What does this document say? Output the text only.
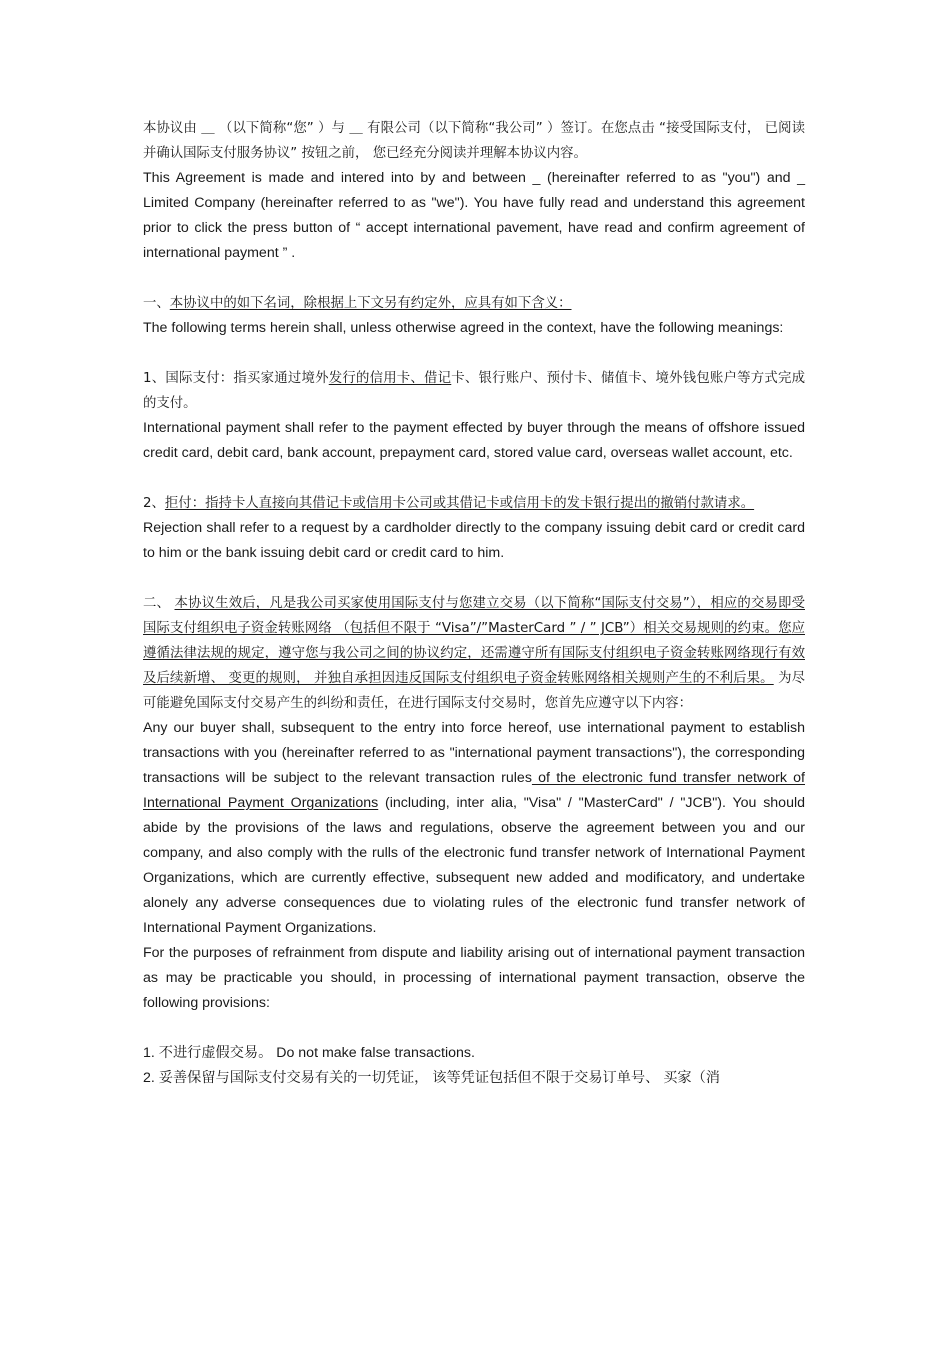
本协议由 ＿ （以下简称“您” ）与 ＿ 有限公司（以下简称“我公司” ）签订。在您点击 “接受国际支付， 已阅读并确认国际支付服务协议” 按钮之前， 您已经充分阅读并理解本协议内容。

This Agreement is made and intered into by and between _ (hereinafter referred to as "you") and _ Limited Company (hereinafter referred to as "we"). You have fully read and understand this agreement prior to click the press button of “ accept international pavement, have read and confirm agreement of international payment ” .

一、本协议中的如下名词，除根据上下文另有约定外，应具有如下含义：

The following terms herein shall, unless otherwise agreed in the context, have the following meanings:

1、国际支付：指买家通过境外发行的信用卡、借记卡、银行账户、预付卡、储值卡、境外钱包账户等方式完成的支付。

International payment shall refer to the payment effected by buyer through the means of offshore issued credit card, debit card, bank account, prepayment card, stored value card, overseas wallet account, etc.

2、拒付：指持卡人直接向其借记卡或信用卡公司或其借记卡或信用卡的发卡银行提出的撤销付款请求。

Rejection shall refer to a request by a cardholder directly to the company issuing debit card or credit card to him or the bank issuing debit card or credit card to him.

二、 本协议生效后，凡是我公司买家使用国际支付与您建立交易（以下简称“国际支付交易”），相应的交易即受国际支付组织电子资金转账网络 （包括但不限于 “Visa”/”MasterCard ” / ” JCB”）相关交易规则的约束。您应遵循法律法规的规定，遵守您与我公司之间的协议约定，还需遵守所有国际支付组织电子资金转账网络现行有效及后续新增、 变更的规则， 并独自承担因违反国际支付组织电子资金转账网络相关规则产生的不利后果。 为尽可能避免国际支付交易产生的纠纷和责任，在进行国际支付交易时，您首先应遵守以下内容：

Any our buyer shall, subsequent to the entry into force hereof, use international payment to establish transactions with you (hereinafter referred to as "international payment transactions"), the corresponding transactions will be subject to the relevant transaction rules of the electronic fund transfer network of International Payment Organizations (including, inter alia, "Visa" / "MasterCard" / "JCB"). You should abide by the provisions of the laws and regulations, observe the agreement between you and our company, and also comply with the rulls of the electronic fund transfer network of International Payment Organizations, which are currently effective, subsequent new added and modificatory, and undertake alonely any adverse consequences due to violating rules of the electronic fund transfer network of International Payment Organizations.

For the purposes of refrainment from dispute and liability arising out of international payment transaction as may be practicable you should, in processing of international payment transaction, observe the following provisions:

1. 不进行虚假交易。 Do not make false transactions.

2. 妥善保留与国际支付交易有关的一切凭证， 该等凭证包括但不限于交易订单号、 买家（消
